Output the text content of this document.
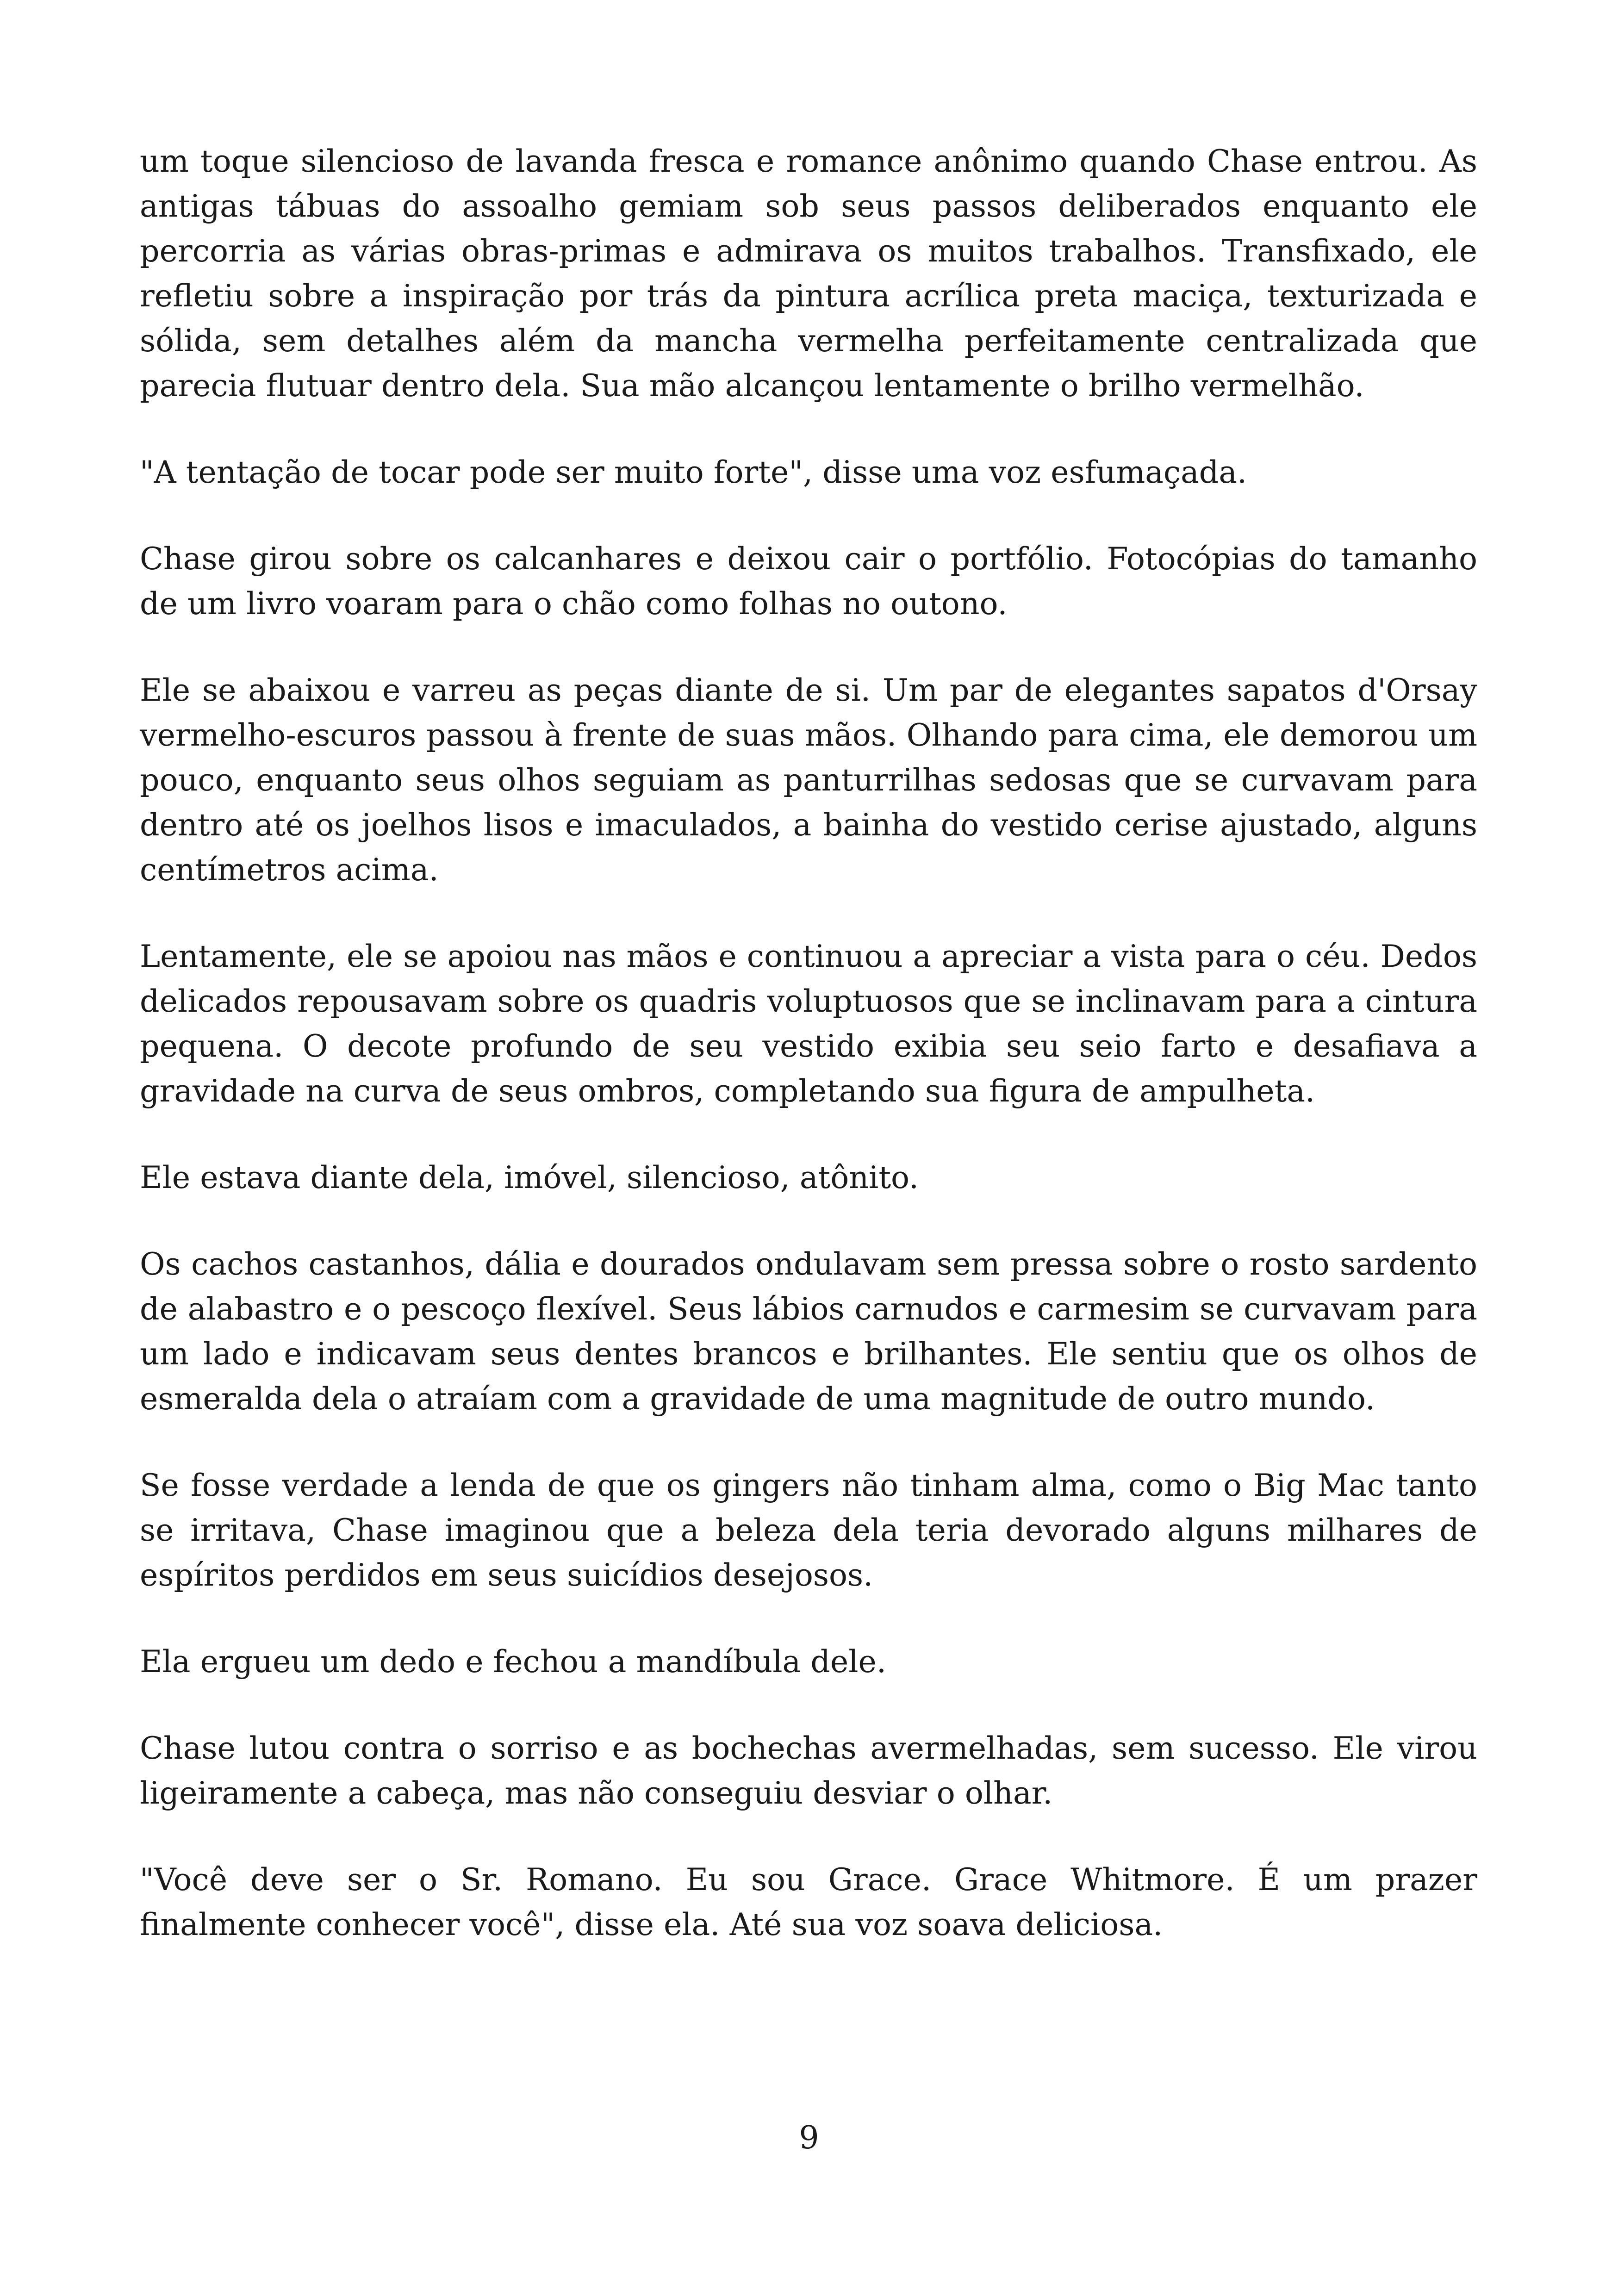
um toque silencioso de lavanda fresca e romance anônimo quando Chase entrou. As antigas tábuas do assoalho gemiam sob seus passos deliberados enquanto ele percorria as várias obras-primas e admirava os muitos trabalhos. Transfixado, ele refletiu sobre a inspiração por trás da pintura acrílica preta maciça, texturizada e sólida, sem detalhes além da mancha vermelha perfeitamente centralizada que parecia flutuar dentro dela. Sua mão alcançou lentamente o brilho vermelhão.

"A tentação de tocar pode ser muito forte", disse uma voz esfumaçada.

Chase girou sobre os calcanhares e deixou cair o portfólio. Fotocópias do tamanho de um livro voaram para o chão como folhas no outono.

Ele se abaixou e varreu as peças diante de si. Um par de elegantes sapatos d'Orsay vermelho-escuros passou à frente de suas mãos. Olhando para cima, ele demorou um pouco, enquanto seus olhos seguiam as panturrilhas sedosas que se curvavam para dentro até os joelhos lisos e imaculados, a bainha do vestido cerise ajustado, alguns centímetros acima.

Lentamente, ele se apoiou nas mãos e continuou a apreciar a vista para o céu. Dedos delicados repousavam sobre os quadris voluptuosos que se inclinavam para a cintura pequena. O decote profundo de seu vestido exibia seu seio farto e desafiava a gravidade na curva de seus ombros, completando sua figura de ampulheta.

Ele estava diante dela, imóvel, silencioso, atônito.

Os cachos castanhos, dália e dourados ondulavam sem pressa sobre o rosto sardento de alabastro e o pescoço flexível. Seus lábios carnudos e carmesim se curvavam para um lado e indicavam seus dentes brancos e brilhantes. Ele sentiu que os olhos de esmeralda dela o atraíam com a gravidade de uma magnitude de outro mundo.

Se fosse verdade a lenda de que os gingers não tinham alma, como o Big Mac tanto se irritava, Chase imaginou que a beleza dela teria devorado alguns milhares de espíritos perdidos em seus suicídios desejosos.

Ela ergueu um dedo e fechou a mandíbula dele.

Chase lutou contra o sorriso e as bochechas avermelhadas, sem sucesso. Ele virou ligeiramente a cabeça, mas não conseguiu desviar o olhar.

"Você deve ser o Sr. Romano. Eu sou Grace. Grace Whitmore. É um prazer finalmente conhecer você", disse ela. Até sua voz soava deliciosa.

9
